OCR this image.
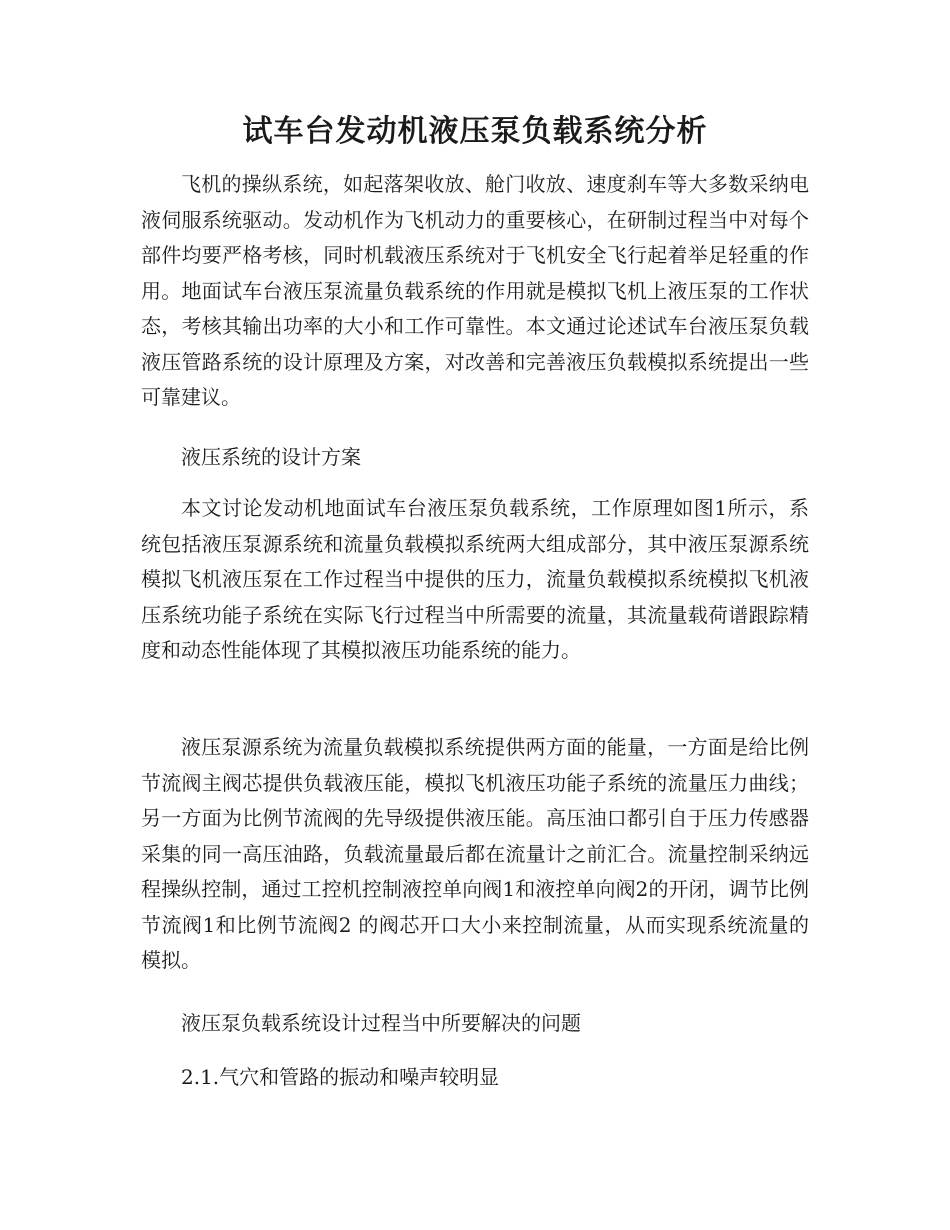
试车台发动机液压泵负载系统分析

飞机的操纵系统，如起落架收放、舱门收放、速度刹车等大多数采纳电液伺服系统驱动。发动机作为飞机动力的重要核心，在研制过程当中对每个部件均要严格考核，同时机载液压系统对于飞机安全飞行起着举足轻重的作用。地面试车台液压泵流量负载系统的作用就是模拟飞机上液压泵的工作状态，考核其输出功率的大小和工作可靠性。本文通过论述试车台液压泵负载液压管路系统的设计原理及方案，对改善和完善液压负载模拟系统提出一些可靠建议。

液压系统的设计方案

本文讨论发动机地面试车台液压泵负载系统，工作原理如图1所示，系统包括液压泵源系统和流量负载模拟系统两大组成部分，其中液压泵源系统模拟飞机液压泵在工作过程当中提供的压力，流量负载模拟系统模拟飞机液压系统功能子系统在实际飞行过程当中所需要的流量，其流量载荷谱跟踪精度和动态性能体现了其模拟液压功能系统的能力。

液压泵源系统为流量负载模拟系统提供两方面的能量，一方面是给比例节流阀主阀芯提供负载液压能，模拟飞机液压功能子系统的流量压力曲线；另一方面为比例节流阀的先导级提供液压能。高压油口都引自于压力传感器采集的同一高压油路，负载流量最后都在流量计之前汇合。流量控制采纳远程操纵控制，通过工控机控制液控单向阀1和液控单向阀2的开闭，调节比例节流阀1和比例节流阀2 的阀芯开口大小来控制流量，从而实现系统流量的模拟。

液压泵负载系统设计过程当中所要解决的问题

2.1.气穴和管路的振动和噪声较明显
